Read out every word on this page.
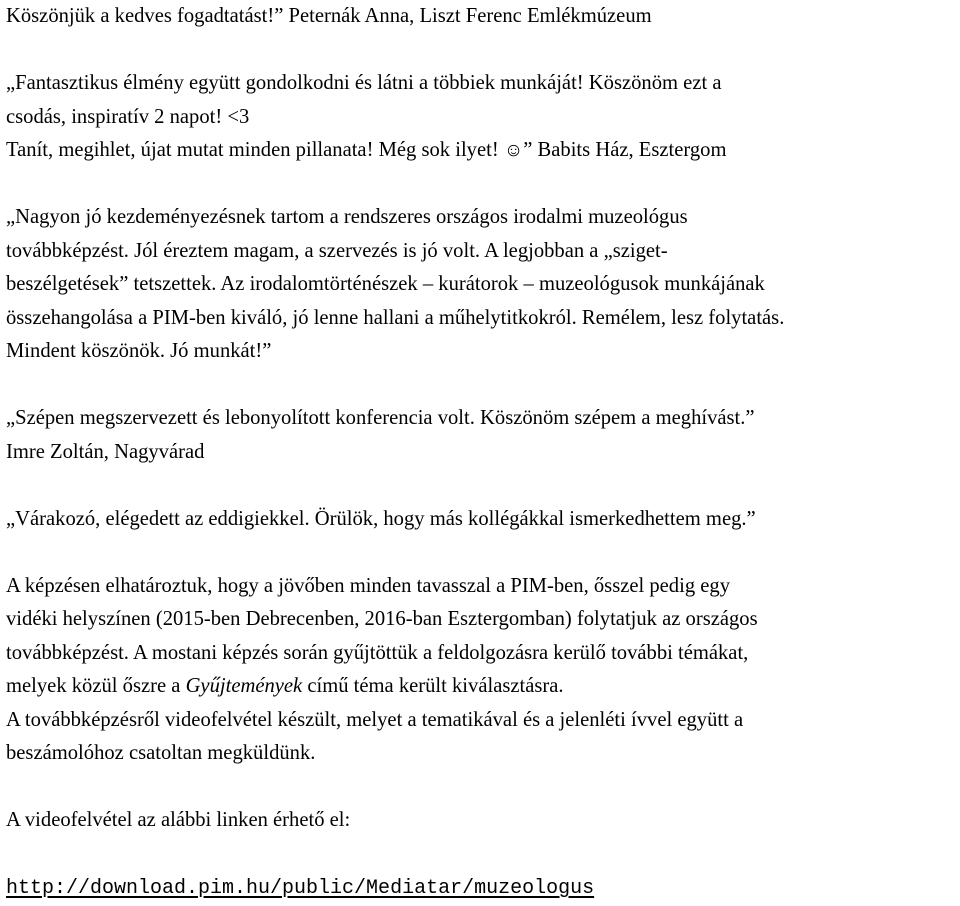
Köszönjük a kedves fogadtatást!” Peternák Anna, Liszt Ferenc Emlékmúzeum

„Fantasztikus élmény együtt gondolkodni és látni a többiek munkáját! Köszönöm ezt a
csodás, inspiratív 2 napot! <3
Tanít, megihlet, újat mutat minden pillanata! Még sok ilyet! ☺” Babits Ház, Esztergom

„Nagyon jó kezdeményezésnek tartom a rendszeres országos irodalmi muzeológus
továbbképzést. Jól éreztem magam, a szervezés is jó volt. A legjobban a „sziget-
beszélgetések” tetszettek. Az irodalomtörténészek – kurátorok – muzeológusok munkájának
összehangolása a PIM-ben kiváló, jó lenne hallani a műhelytitkokról. Remélem, lesz folytatás.
Mindent köszönök. Jó munkát!”

„Szépen megszervezett és lebonyolított konferencia volt. Köszönöm szépem a meghívást.”
Imre Zoltán, Nagyvárad

„Várakozó, elégedett az eddigiekkel. Örülök, hogy más kollégákkal ismerkedhettem meg.”

A képzésen elhatároztuk, hogy a jövőben minden tavasszal a PIM-ben, ősszel pedig egy
vidéki helyszínen (2015-ben Debrecenben, 2016-ban Esztergomban) folytatjuk az országos
továbbképzést. A mostani képzés során gyűjtöttük a feldolgozásra kerülő további témákat,
melyek közül őszre a Gyűjtemények című téma került kiválasztásra.
A továbbképzésről videofelvétel készült, melyet a tematikával és a jelenléti ívvel együtt a
beszámolóhoz csatoltan megküldünk.

A videofelvétel az alábbi linken érhető el:

http://download.pim.hu/public/Mediatar/muzeologus
